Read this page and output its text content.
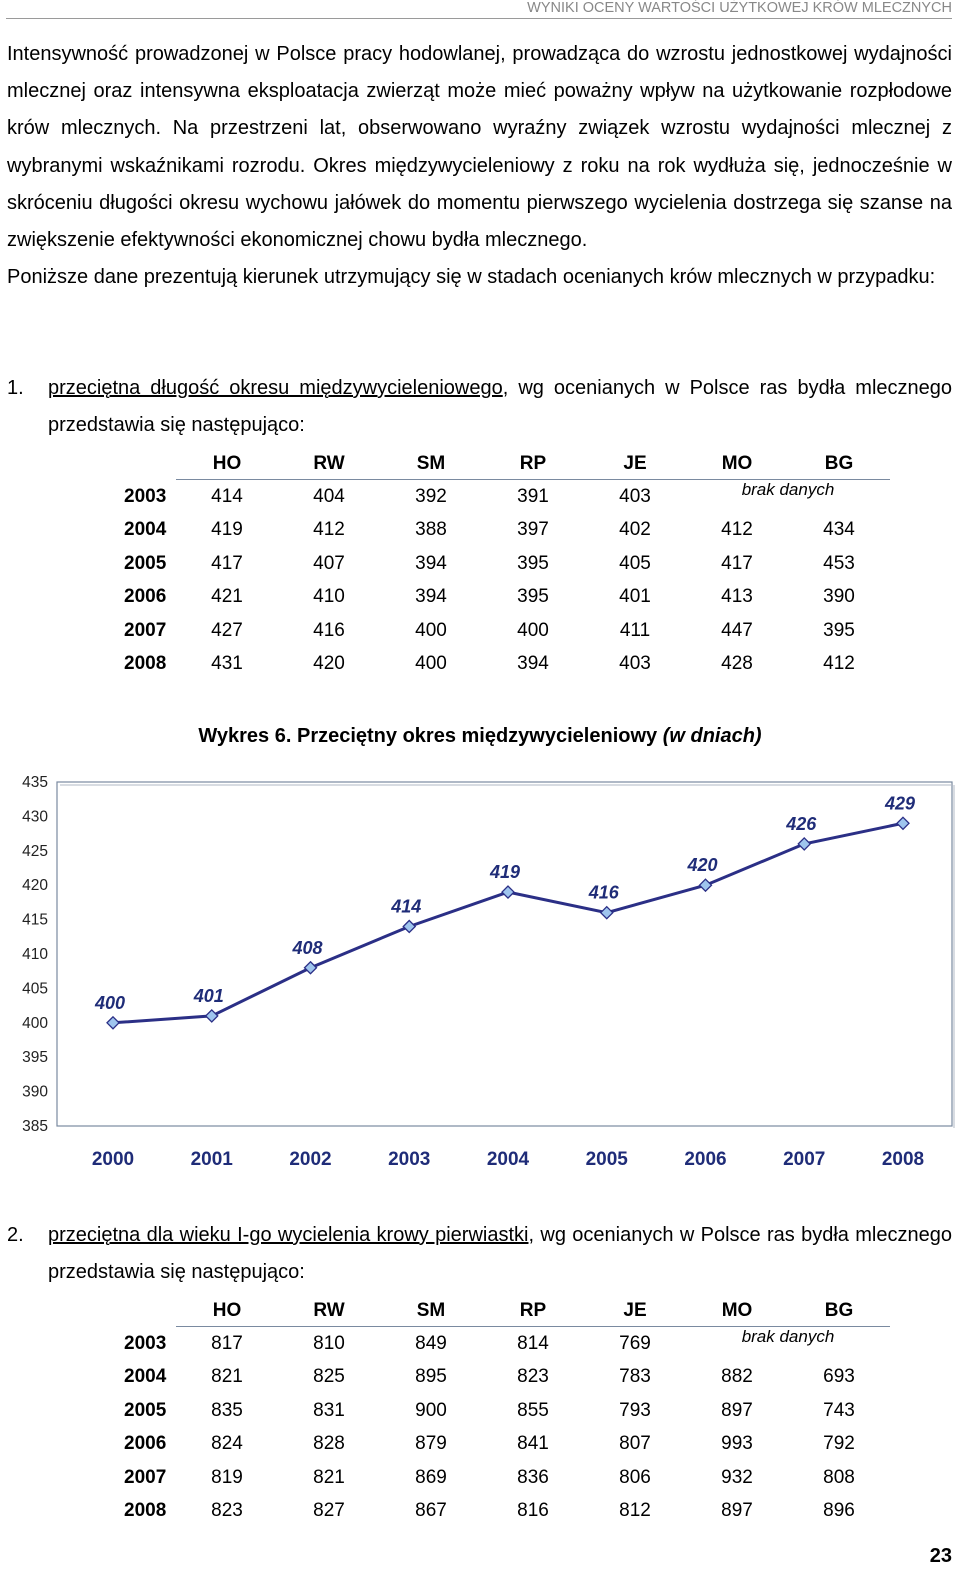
WYNIKI OCENY WARTOŚCI UŻYTKOWEJ KRÓW MLECZNYCH

Intensywność prowadzonej w Polsce pracy hodowlanej, prowadząca do wzrostu jednostkowej wydajności mlecznej oraz intensywna eksploatacja zwierząt może mieć poważny wpływ na użytkowanie rozpłodowe krów mlecznych. Na przestrzeni lat, obserwowano wyraźny związek wzrostu wydajności mlecznej z wybranymi wskaźnikami rozrodu. Okres międzywycieleniowy z roku na rok wydłuża się, jednocześnie w skróceniu długości okresu wychowu jałówek do momentu pierwszego wycielenia dostrzega się szanse na zwiększenie efektywności ekonomicznej chowu bydła mlecznego.

Poniższe dane prezentują kierunek utrzymujący się w stadach ocenianych krów mlecznych w przypadku:

1. przeciętna długość okresu międzywycieleniowego, wg ocenianych w Polsce ras bydła mlecznego przedstawia się następująco:
	HO	RW	SM	RP	JE	MO	BG
2003	414	404	392	391	403	brak danych	
2004	419	412	388	397	402	412	434
2005	417	407	394	395	405	417	453
2006	421	410	394	395	401	413	390
2007	427	416	400	400	411	447	395
2008	431	420	400	394	403	428	412
Wykres 6. Przeciętny okres międzywycieleniowy (w dniach)
385
390
395
400
405
410
415
420
425
430
435
2000	2001	2002	2003	2004	2005	2006	2007	2008
400	401
408
414
419
416
420
426
429
2. przeciętna dla wieku I-go wycielenia krowy pierwiastki, wg ocenianych w Polsce ras bydła mlecznego przedstawia się następująco:
	HO	RW	SM	RP	JE	MO	BG
2003	817	810	849	814	769	brak danych	
2004	821	825	895	823	783	882	693
2005	835	831	900	855	793	897	743
2006	824	828	879	841	807	993	792
2007	819	821	869	836	806	932	808
2008	823	827	867	816	812	897	896
23
